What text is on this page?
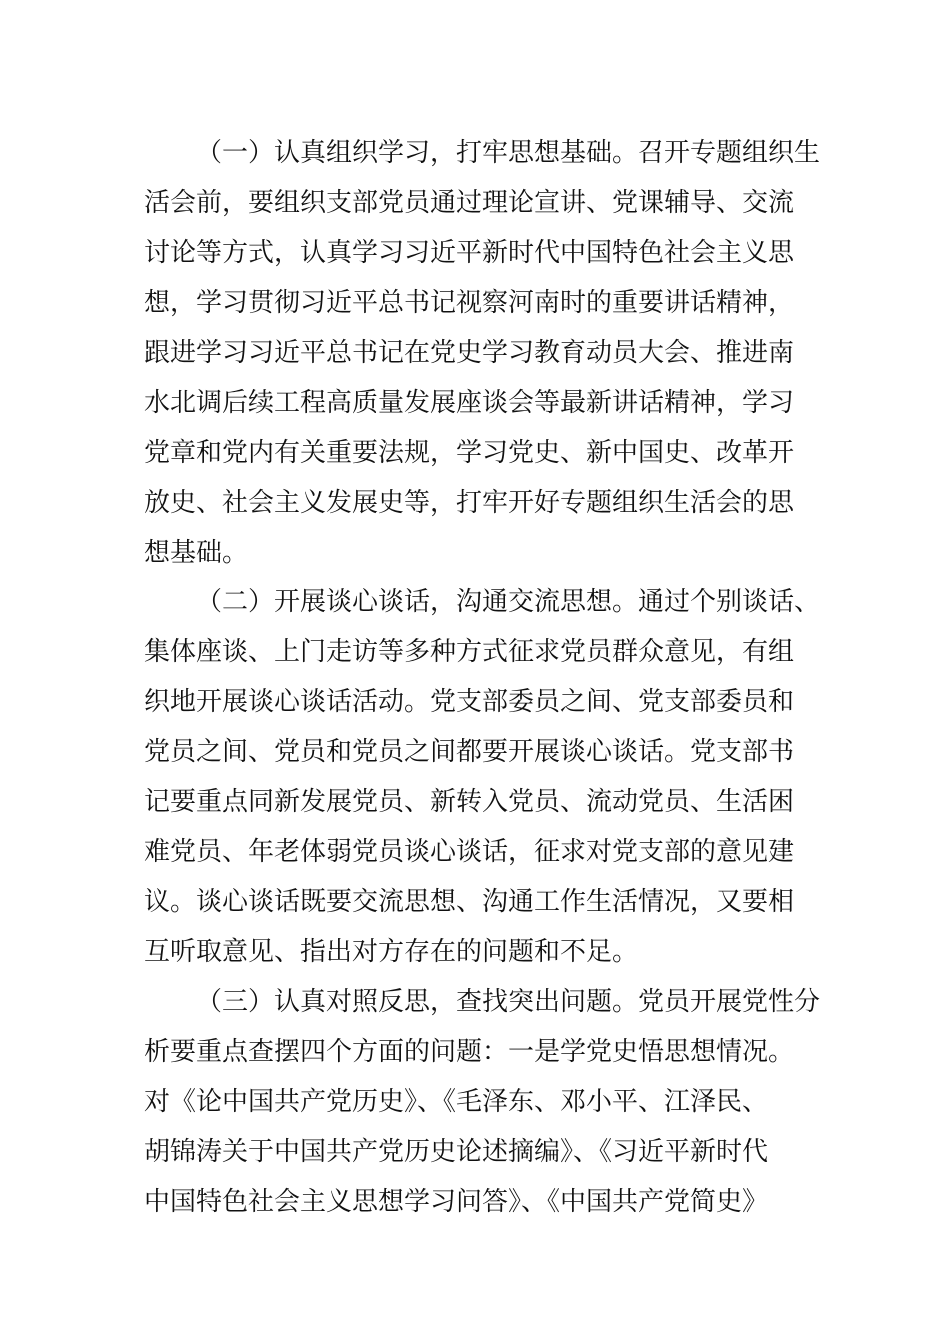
（一）认真组织学习，打牢思想基础。召开专题组织生
活会前，要组织支部党员通过理论宣讲、党课辅导、交流
讨论等方式，认真学习习近平新时代中国特色社会主义思
想，学习贯彻习近平总书记视察河南时的重要讲话精神，
跟进学习习近平总书记在党史学习教育动员大会、推进南
水北调后续工程高质量发展座谈会等最新讲话精神，学习
党章和党内有关重要法规，学习党史、新中国史、改革开
放史、社会主义发展史等，打牢开好专题组织生活会的思
想基础。
（二）开展谈心谈话，沟通交流思想。通过个别谈话、
集体座谈、上门走访等多种方式征求党员群众意见，有组
织地开展谈心谈话活动。党支部委员之间、党支部委员和
党员之间、党员和党员之间都要开展谈心谈话。党支部书
记要重点同新发展党员、新转入党员、流动党员、生活困
难党员、年老体弱党员谈心谈话，征求对党支部的意见建
议。谈心谈话既要交流思想、沟通工作生活情况，又要相
互听取意见、指出对方存在的问题和不足。
（三）认真对照反思，查找突出问题。党员开展党性分
析要重点查摆四个方面的问题：一是学党史悟思想情况。
对《论中国共产党历史》、《毛泽东、邓小平、江泽民、
胡锦涛关于中国共产党历史论述摘编》、《习近平新时代
中国特色社会主义思想学习问答》、《中国共产党简史》
